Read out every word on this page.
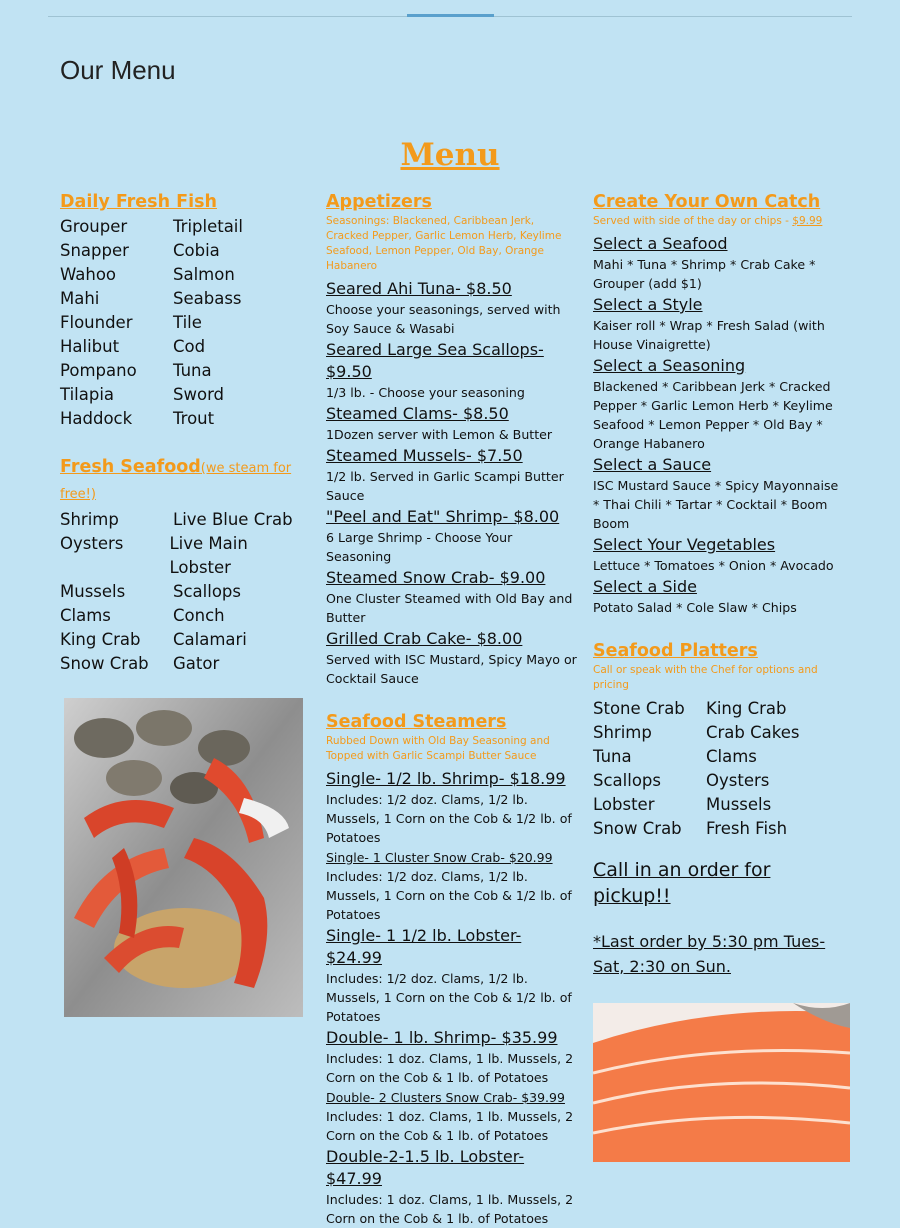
Our Menu
Menu
Daily Fresh Fish
Grouper	Tripletail
Snapper	Cobia
Wahoo	Salmon
Mahi	Seabass
Flounder	Tile
Halibut	Cod
Pompano	Tuna
Tilapia	Sword
Haddock	Trout
Fresh Seafood(we steam for free!)
Shrimp	Live Blue Crab
Oysters	Live Main Lobster
Mussels	Scallops
Clams	Conch
King Crab	Calamari
Snow Crab	Gator
Appetizers
Seasonings: Blackened, Caribbean Jerk, Cracked Pepper, Garlic Lemon Herb, Keylime Seafood, Lemon Pepper, Old Bay, Orange Habanero
Seared Ahi Tuna- $8.50
Choose your seasonings, served with Soy Sauce & Wasabi
Seared Large Sea Scallops- $9.50
1/3 lb. - Choose your seasoning
Steamed Clams- $8.50
1Dozen server with Lemon & Butter
Steamed Mussels- $7.50
1/2 lb. Served in Garlic Scampi Butter Sauce
"Peel and Eat" Shrimp- $8.00
6 Large Shrimp - Choose Your Seasoning
Steamed Snow Crab- $9.00
One Cluster Steamed with Old Bay and Butter
Grilled Crab Cake- $8.00
Served with ISC Mustard, Spicy Mayo or Cocktail Sauce
Seafood Steamers
Rubbed Down with Old Bay Seasoning and Topped with Garlic Scampi Butter Sauce
Single- 1/2 lb. Shrimp- $18.99
Includes: 1/2 doz. Clams, 1/2 lb. Mussels, 1 Corn on the Cob & 1/2 lb. of Potatoes
Single- 1 Cluster Snow Crab- $20.99
Includes: 1/2 doz. Clams, 1/2 lb. Mussels, 1 Corn on the Cob & 1/2 lb. of Potatoes
Single- 1 1/2 lb. Lobster- $24.99
Includes: 1/2 doz. Clams, 1/2 lb. Mussels, 1 Corn on the Cob & 1/2 lb. of Potatoes
Double- 1 lb. Shrimp- $35.99
Includes: 1 doz. Clams, 1 lb. Mussels, 2 Corn on the Cob & 1 lb. of Potatoes
Double- 2 Clusters Snow Crab- $39.99
Includes: 1 doz. Clams, 1 lb. Mussels, 2 Corn on the Cob & 1 lb. of Potatoes
Double-2-1.5 lb. Lobster- $47.99
Includes: 1 doz. Clams, 1 lb. Mussels, 2 Corn on the Cob & 1 lb. of Potatoes
Create Your Own Catch
Served with side of the day or chips - $9.99
Select a Seafood
Mahi * Tuna * Shrimp * Crab Cake * Grouper (add $1)
Select a Style
Kaiser roll * Wrap * Fresh Salad (with House Vinaigrette)
Select a Seasoning
Blackened * Caribbean Jerk * Cracked Pepper * Garlic Lemon Herb * Keylime Seafood * Lemon Pepper * Old Bay * Orange Habanero
Select a Sauce
ISC Mustard Sauce * Spicy Mayonnaise * Thai Chili * Tartar * Cocktail * Boom Boom
Select Your Vegetables
Lettuce * Tomatoes * Onion * Avocado
Select a Side
Potato Salad * Cole Slaw * Chips
Seafood Platters
Call or speak with the Chef for options and pricing
Stone Crab	King Crab
Shrimp	Crab Cakes
Tuna	Clams
Scallops	Oysters
Lobster	Mussels
Snow Crab	Fresh Fish
Call in an order for pickup!!
*Last order by 5:30 pm Tues-Sat, 2:30 on Sun.
